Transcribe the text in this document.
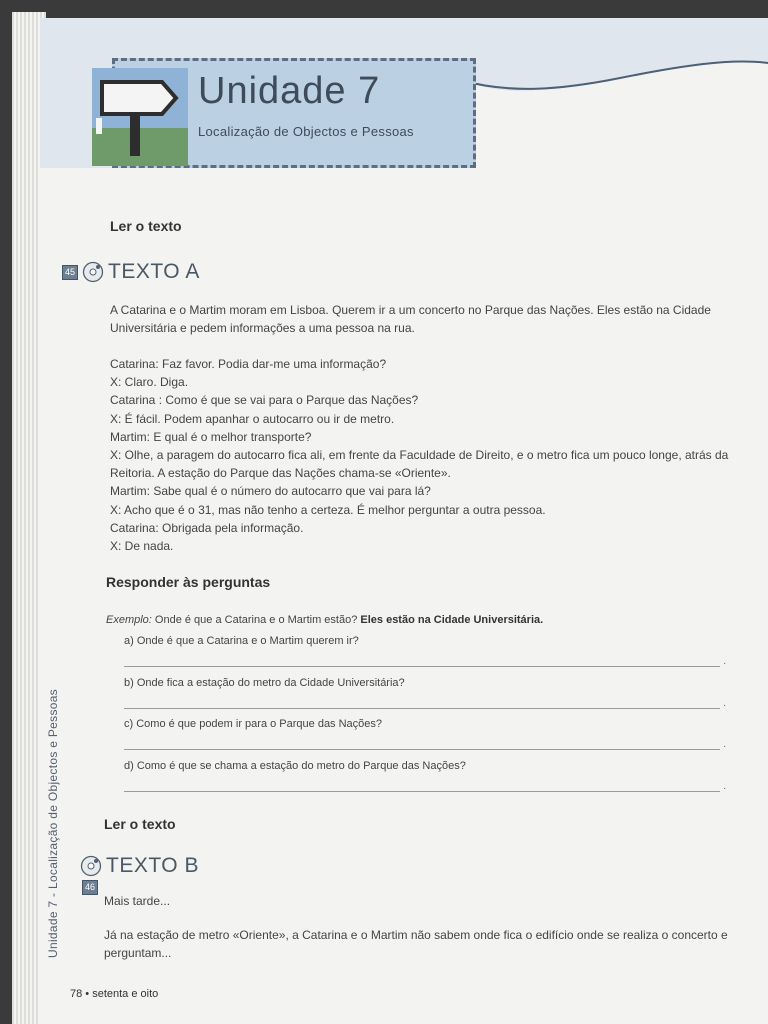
Unidade 7

Localização de Objectos e Pessoas

Ler o texto
45 TEXTO A

A Catarina e o Martim moram em Lisboa. Querem ir a um concerto no Parque das Nações. Eles estão na Cidade Universitária e pedem informações a uma pessoa na rua.

Catarina: Faz favor. Podia dar-me uma informação?
X: Claro. Diga.
Catarina : Como é que se vai para o Parque das Nações?
X: É fácil. Podem apanhar o autocarro ou ir de metro.
Martim: E qual é o melhor transporte?
X: Olhe, a paragem do autocarro fica ali, em frente da Faculdade de Direito, e o metro fica um pouco longe, atrás da Reitoria. A estação do Parque das Nações chama-se «Oriente».
Martim: Sabe qual é o número do autocarro que vai para lá?
X: Acho que é o 31, mas não tenho a certeza. É melhor perguntar a outra pessoa.
Catarina: Obrigada pela informação.
X: De nada.
Responder às perguntas
Exemplo: Onde é que a Catarina e o Martim estão? Eles estão na Cidade Universitária.
a) Onde é que a Catarina e o Martim querem ir?
.
b) Onde fica a estação do metro da Cidade Universitária?
.
c) Como é que podem ir para o Parque das Nações?
.
d) Como é que se chama a estação do metro do Parque das Nações?
.
Ler o texto
TEXTO B
46
Mais tarde...

Já na estação de metro «Oriente», a Catarina e o Martim não sabem onde fica o edifício onde se realiza o concerto e perguntam...

Unidade 7 - Localização de Objectos e Pessoas
78 • setenta e oito
